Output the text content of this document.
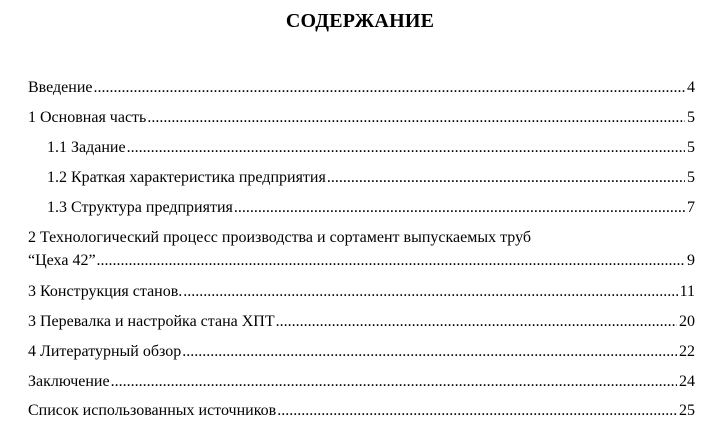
СОДЕРЖАНИЕ
Введение .....	4
1 Основная часть .....	5
1.1 Задание .....	5
1.2 Краткая характеристика предприятия .....	5
1.3 Структура предприятия .....	7
2 Технологический процесс производства и сортамент выпускаемых труб
“Цеха 42” .....	9
3 Конструкция станов. .....	11
3 Перевалка и настройка стана ХПТ .....	20
4 Литературный обзор .....	22
Заключение .....	24
Список использованных источников .....	25
